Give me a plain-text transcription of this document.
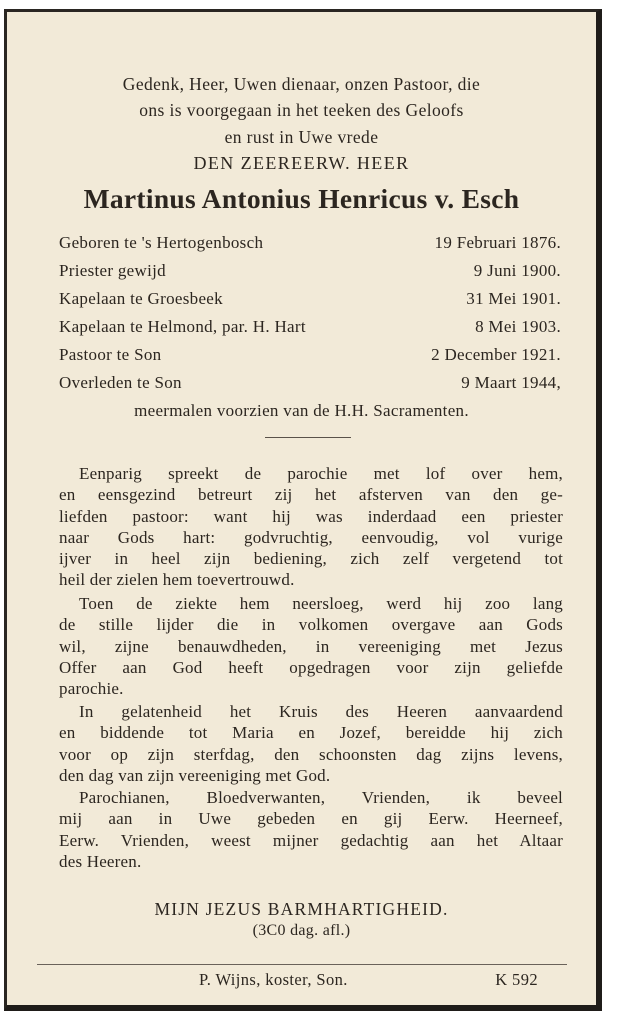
Gedenk, Heer, Uwen dienaar, onzen Pastoor, die
ons is voorgegaan in het teeken des Geloofs
en rust in Uwe vrede
DEN ZEEREERW. HEER
Martinus Antonius Henricus v. Esch
Geboren te 's Hertogenbosch	19 Februari 1876.
Priester gewijd	9 Juni 1900.
Kapelaan te Groesbeek	31 Mei 1901.
Kapelaan te Helmond, par. H. Hart	8 Mei 1903.
Pastoor te Son	2 December 1921.
Overleden te Son	9 Maart 1944,
meermalen voorzien van de H.H. Sacramenten.
Eenparig spreekt de parochie met lof over hem,
en eensgezind betreurt zij het afsterven van den ge-
liefden pastoor: want hij was inderdaad een priester
naar Gods hart: godvruchtig, eenvoudig, vol vurige
ijver in heel zijn bediening, zich zelf vergetend tot
heil der zielen hem toevertrouwd.
Toen de ziekte hem neersloeg, werd hij zoo lang
de stille lijder die in volkomen overgave aan Gods
wil, zijne benauwdheden, in vereeniging met Jezus
Offer aan God heeft opgedragen voor zijn geliefde
parochie.
In gelatenheid het Kruis des Heeren aanvaardend
en biddende tot Maria en Jozef, bereidde hij zich
voor op zijn sterfdag, den schoonsten dag zijns levens,
den dag van zijn vereeniging met God.
Parochianen, Bloedverwanten, Vrienden, ik beveel
mij aan in Uwe gebeden en gij Eerw. Heerneef,
Eerw. Vrienden, weest mijner gedachtig aan het Altaar
des Heeren.
MIJN JEZUS BARMHARTIGHEID.
(3C0 dag. afl.)
P. Wijns, koster, Son.	K 592
